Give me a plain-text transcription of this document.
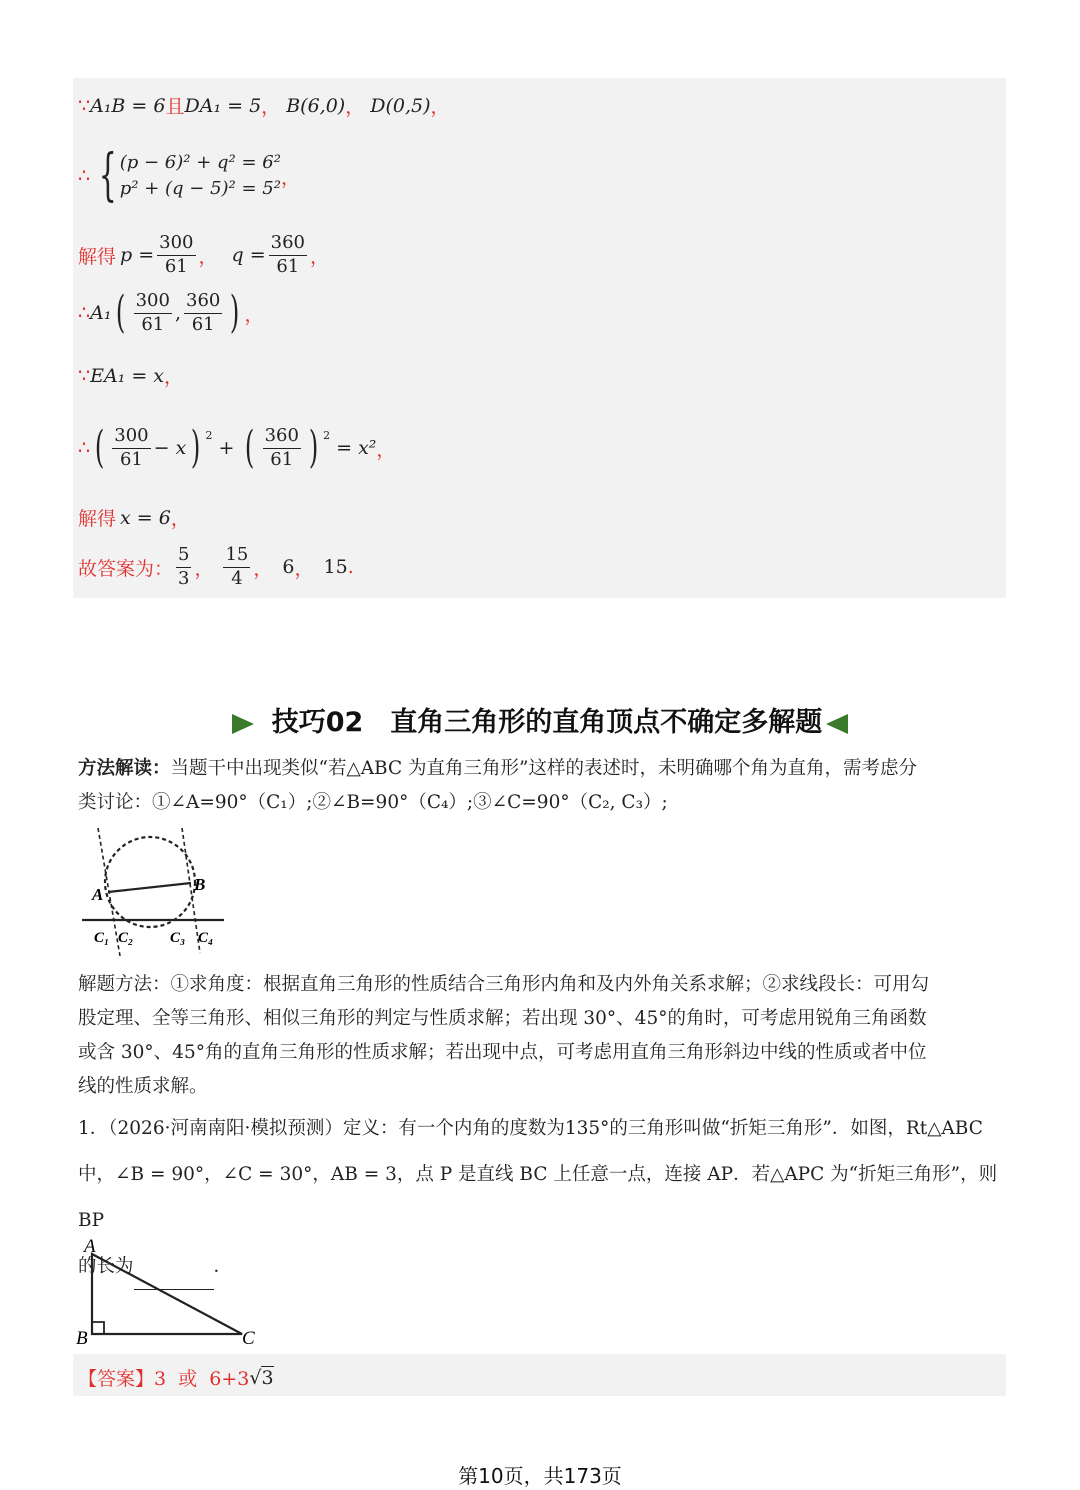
∵ A₁B = 6 且 DA₁ = 5 ， B(6,0) ， D(0,5) ，
∴ { (p − 6)² + q² = 6²
p² + (q − 5)² = 5² ，
解得 $p = \frac{300}{61}$ ， $q = \frac{360}{61}$ ，
∴ A₁ ( $\frac{300}{61}$ , $\frac{360}{61}$ ) ，
∵ EA₁ = x ，
∴ ( $\frac{300}{61} - x$ ) $^2$
+ ( $\frac{360}{61}$ ) $^2$
= x² ，
解得 x = 6 ，
故答案为： $\frac{5}{3}$ ， $\frac{15}{4}$ ， 6 ， 15 .
技巧02　直角三角形的直角顶点不确定多解题
方法解读：当题干中出现类似“若△ABC 为直角三角形”这样的表述时，未明确哪个角为直角，需考虑分
类讨论：①∠A=90°（C₁）;②∠B=90°（C₄）;③∠C=90°（C₂, C₃）;
A
B
C₁ C₂ C₃ C₄
解题方法：①求角度：根据直角三角形的性质结合三角形内角和及内外角关系求解；②求线段长：可用勾
股定理、全等三角形、相似三角形的判定与性质求解；若出现 30°、45°的角时，可考虑用锐角三角函数
或含 30°、45°角的直角三角形的性质求解；若出现中点，可考虑用直角三角形斜边中线的性质或者中位
线的性质求解。
1．（2026·河南南阳·模拟预测）定义：有一个内角的度数为135°的三角形叫做“折矩三角形”．如图，Rt△ABC
中，∠B = 90°，∠C = 30°，AB = 3，点 P 是直线 BC 上任意一点，连接 AP．若△APC 为“折矩三角形”，则 BP
的长为	．
A
B	C
【答案】 3  或  6+3 √ 3
第10页，共173页
